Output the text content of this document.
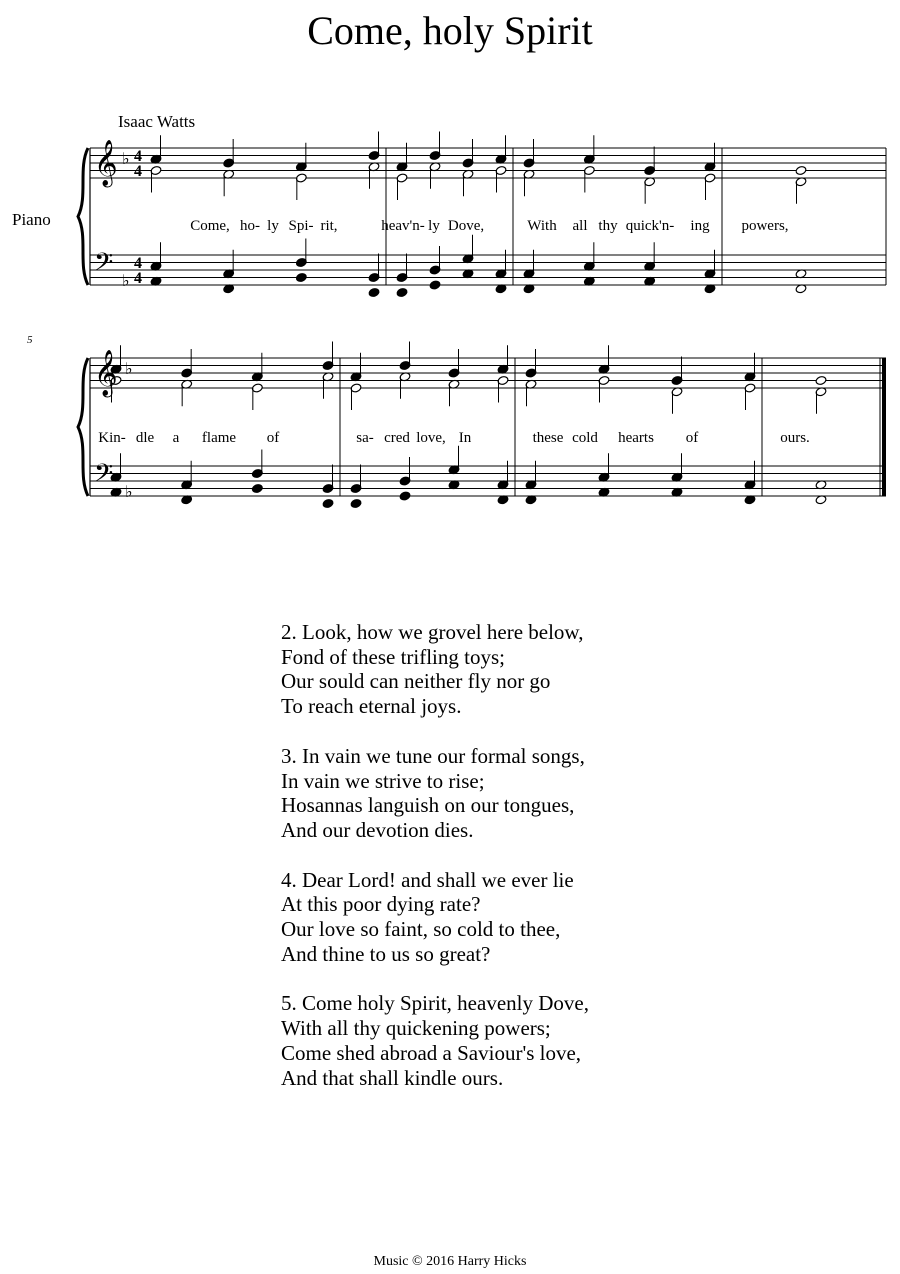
Come, holy Spirit
Isaac Watts
Piano
5
𝄞
𝄢
♭
♭
4
4
4
4
𝄞
𝄢
♭
♭
Come, ho- ly Spi- rit,	heav'n- ly Dove,	With all thy quick'n- ing powers,
Kin- dle a flame of	sa- cred love, In	these cold hearts of	ours.
2. Look, how we grovel here below,
Fond of these trifling toys;
Our sould can neither fly nor go
To reach eternal joys.
3. In vain we tune our formal songs,
In vain we strive to rise;
Hosannas languish on our tongues,
And our devotion dies.
4. Dear Lord! and shall we ever lie
At this poor dying rate?
Our love so faint, so cold to thee,
And thine to us so great?
5. Come holy Spirit, heavenly Dove,
With all thy quickening powers;
Come shed abroad a Saviour's love,
And that shall kindle ours.
Music © 2016 Harry Hicks
